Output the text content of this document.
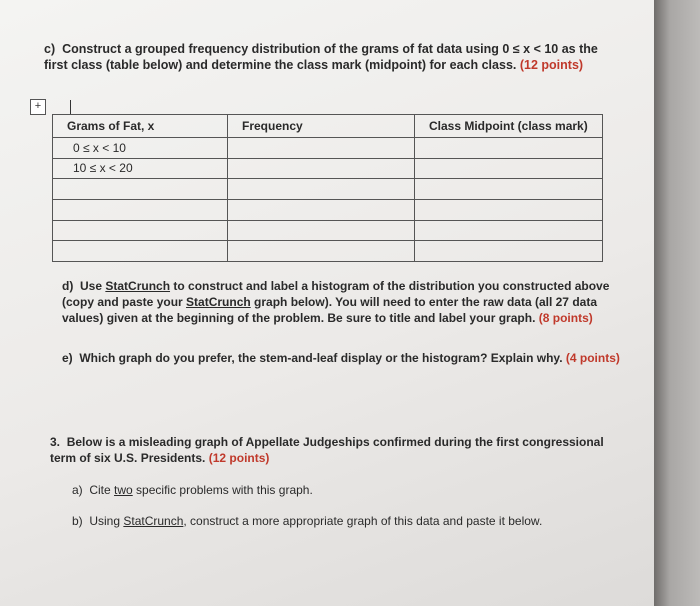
c) Construct a grouped frequency distribution of the grams of fat data using 0 ≤ x < 10 as the first class (table below) and determine the class mark (midpoint) for each class. (12 points)
+
Grams of Fat, x	Frequency	Class Midpoint (class mark)
0 ≤ x < 10		
10 ≤ x < 20		

d) Use StatCrunch to construct and label a histogram of the distribution you constructed above (copy and paste your StatCrunch graph below). You will need to enter the raw data (all 27 data values) given at the beginning of the problem. Be sure to title and label your graph. (8 points)
e) Which graph do you prefer, the stem-and-leaf display or the histogram? Explain why. (4 points)
3. Below is a misleading graph of Appellate Judgeships confirmed during the first congressional term of six U.S. Presidents. (12 points)
a) Cite two specific problems with this graph.
b) Using StatCrunch, construct a more appropriate graph of this data and paste it below.
